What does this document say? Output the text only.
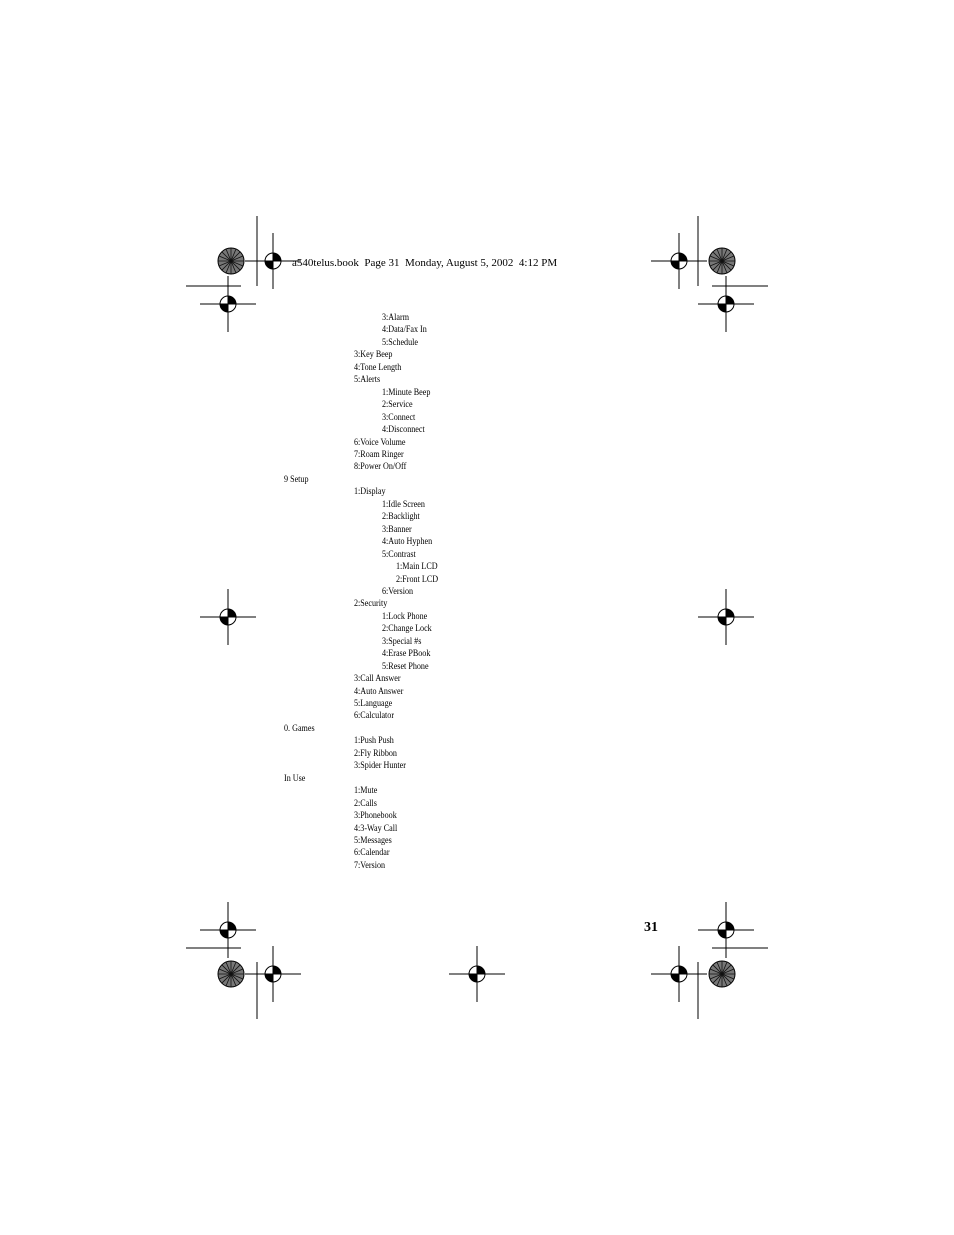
a540telus.book  Page 31  Monday, August 5, 2002  4:12 PM
3:Alarm
4:Data/Fax In
5:Schedule
3:Key Beep
4:Tone Length
5:Alerts
1:Minute Beep
2:Service
3:Connect
4:Disconnect
6:Voice Volume
7:Roam Ringer
8:Power On/Off
9 Setup
1:Display
1:Idle Screen
2:Backlight
3:Banner
4:Auto Hyphen
5:Contrast
1:Main LCD
2:Front LCD
6:Version
2:Security
1:Lock Phone
2:Change Lock
3:Special #s
4:Erase PBook
5:Reset Phone
3:Call Answer
4:Auto Answer
5:Language
6:Calculator
0. Games
1:Push Push
2:Fly Ribbon
3:Spider Hunter
In Use
1:Mute
2:Calls
3:Phonebook
4:3-Way Call
5:Messages
6:Calendar
7:Version
31
